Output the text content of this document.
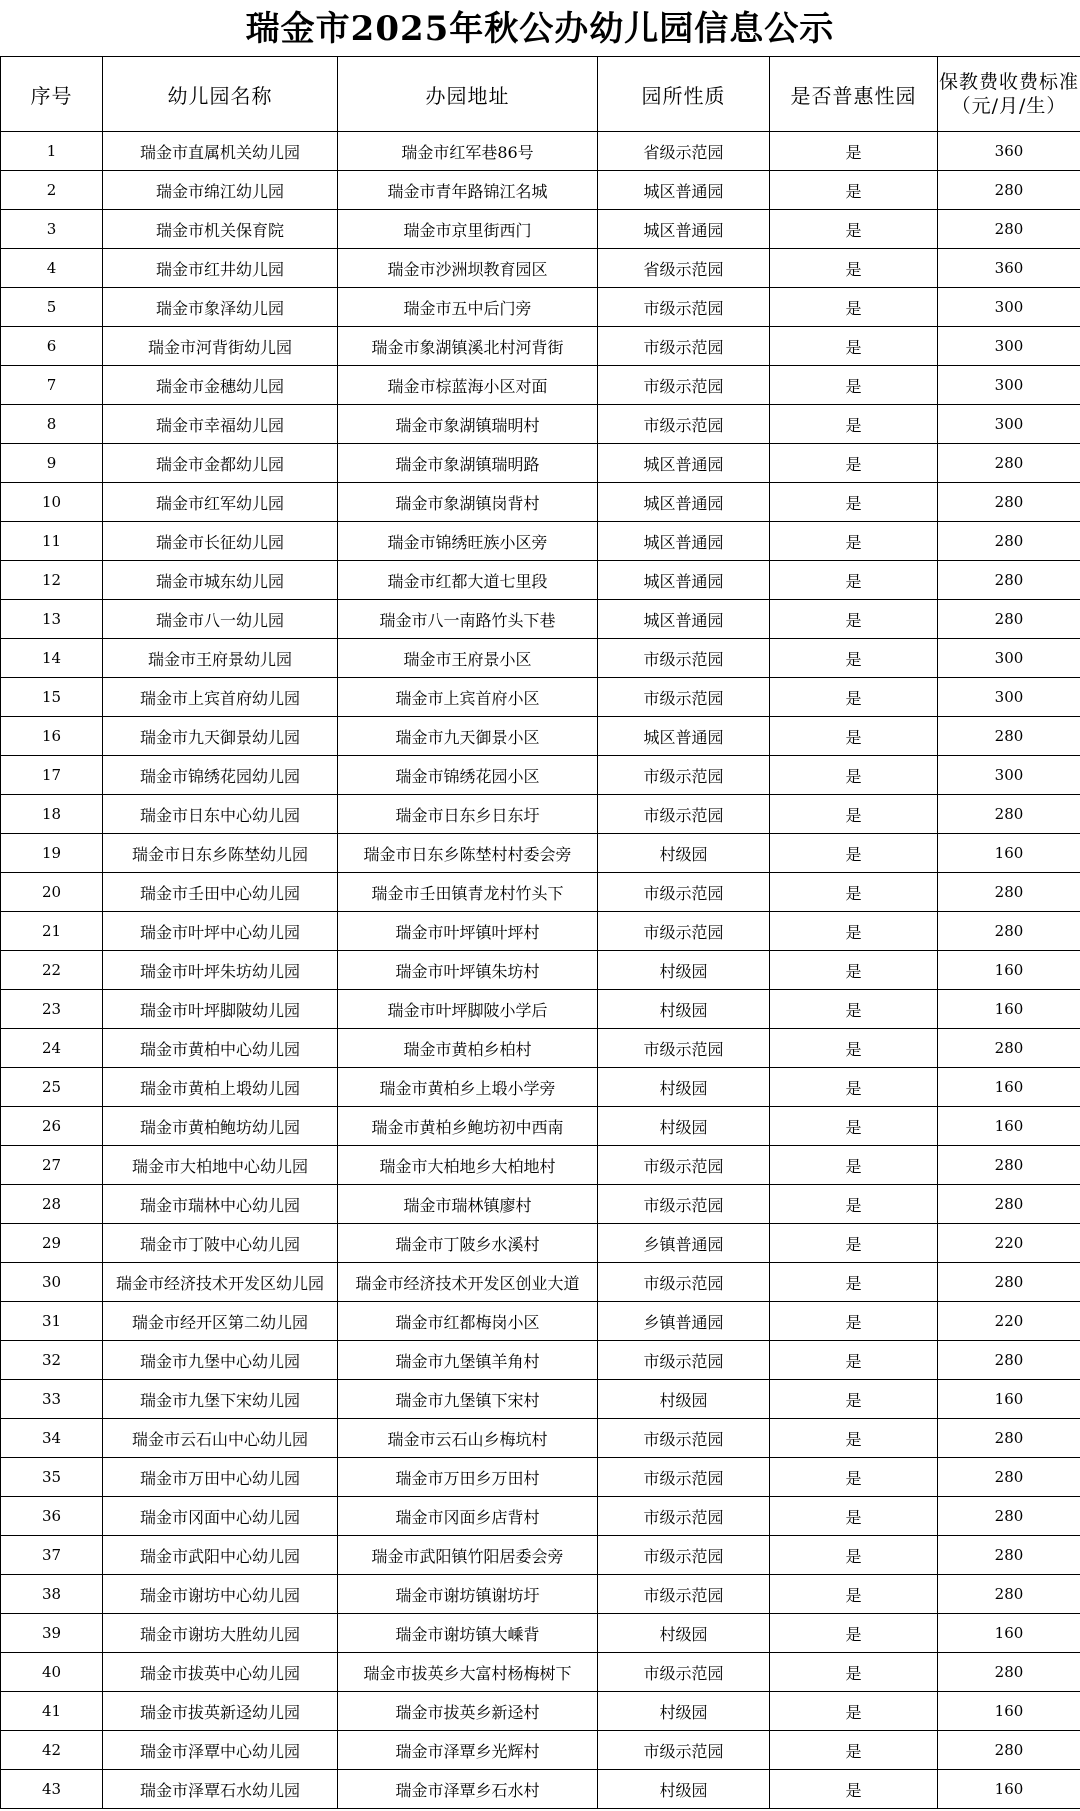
瑞金市2025年秋公办幼儿园信息公示
序号	幼儿园名称	办园地址	园所性质	是否普惠性园	保教费收费标准（元/月/生）
1	瑞金市直属机关幼儿园	瑞金市红军巷86号	省级示范园	是	360
2	瑞金市绵江幼儿园	瑞金市青年路锦江名城	城区普通园	是	280
3	瑞金市机关保育院	瑞金市京里街西门	城区普通园	是	280
4	瑞金市红井幼儿园	瑞金市沙洲坝教育园区	省级示范园	是	360
5	瑞金市象泽幼儿园	瑞金市五中后门旁	市级示范园	是	300
6	瑞金市河背街幼儿园	瑞金市象湖镇溪北村河背街	市级示范园	是	300
7	瑞金市金穗幼儿园	瑞金市棕蓝海小区对面	市级示范园	是	300
8	瑞金市幸福幼儿园	瑞金市象湖镇瑞明村	市级示范园	是	300
9	瑞金市金都幼儿园	瑞金市象湖镇瑞明路	城区普通园	是	280
10	瑞金市红军幼儿园	瑞金市象湖镇岗背村	城区普通园	是	280
11	瑞金市长征幼儿园	瑞金市锦绣旺族小区旁	城区普通园	是	280
12	瑞金市城东幼儿园	瑞金市红都大道七里段	城区普通园	是	280
13	瑞金市八一幼儿园	瑞金市八一南路竹头下巷	城区普通园	是	280
14	瑞金市王府景幼儿园	瑞金市王府景小区	市级示范园	是	300
15	瑞金市上宾首府幼儿园	瑞金市上宾首府小区	市级示范园	是	300
16	瑞金市九天御景幼儿园	瑞金市九天御景小区	城区普通园	是	280
17	瑞金市锦绣花园幼儿园	瑞金市锦绣花园小区	市级示范园	是	300
18	瑞金市日东中心幼儿园	瑞金市日东乡日东圩	市级示范园	是	280
19	瑞金市日东乡陈埜幼儿园	瑞金市日东乡陈埜村村委会旁	村级园	是	160
20	瑞金市壬田中心幼儿园	瑞金市壬田镇青龙村竹头下	市级示范园	是	280
21	瑞金市叶坪中心幼儿园	瑞金市叶坪镇叶坪村	市级示范园	是	280
22	瑞金市叶坪朱坊幼儿园	瑞金市叶坪镇朱坊村	村级园	是	160
23	瑞金市叶坪脚陂幼儿园	瑞金市叶坪脚陂小学后	村级园	是	160
24	瑞金市黄柏中心幼儿园	瑞金市黄柏乡柏村	市级示范园	是	280
25	瑞金市黄柏上塅幼儿园	瑞金市黄柏乡上塅小学旁	村级园	是	160
26	瑞金市黄柏鲍坊幼儿园	瑞金市黄柏乡鲍坊初中西南	村级园	是	160
27	瑞金市大柏地中心幼儿园	瑞金市大柏地乡大柏地村	市级示范园	是	280
28	瑞金市瑞林中心幼儿园	瑞金市瑞林镇廖村	市级示范园	是	280
29	瑞金市丁陂中心幼儿园	瑞金市丁陂乡水溪村	乡镇普通园	是	220
30	瑞金市经济技术开发区幼儿园	瑞金市经济技术开发区创业大道	市级示范园	是	280
31	瑞金市经开区第二幼儿园	瑞金市红都梅岗小区	乡镇普通园	是	220
32	瑞金市九堡中心幼儿园	瑞金市九堡镇羊角村	市级示范园	是	280
33	瑞金市九堡下宋幼儿园	瑞金市九堡镇下宋村	村级园	是	160
34	瑞金市云石山中心幼儿园	瑞金市云石山乡梅坑村	市级示范园	是	280
35	瑞金市万田中心幼儿园	瑞金市万田乡万田村	市级示范园	是	280
36	瑞金市冈面中心幼儿园	瑞金市冈面乡店背村	市级示范园	是	280
37	瑞金市武阳中心幼儿园	瑞金市武阳镇竹阳居委会旁	市级示范园	是	280
38	瑞金市谢坊中心幼儿园	瑞金市谢坊镇谢坊圩	市级示范园	是	280
39	瑞金市谢坊大胜幼儿园	瑞金市谢坊镇大嵊背	村级园	是	160
40	瑞金市拔英中心幼儿园	瑞金市拔英乡大富村杨梅树下	市级示范园	是	280
41	瑞金市拔英新迳幼儿园	瑞金市拔英乡新迳村	村级园	是	160
42	瑞金市泽覃中心幼儿园	瑞金市泽覃乡光辉村	市级示范园	是	280
43	瑞金市泽覃石水幼儿园	瑞金市泽覃乡石水村	村级园	是	160
